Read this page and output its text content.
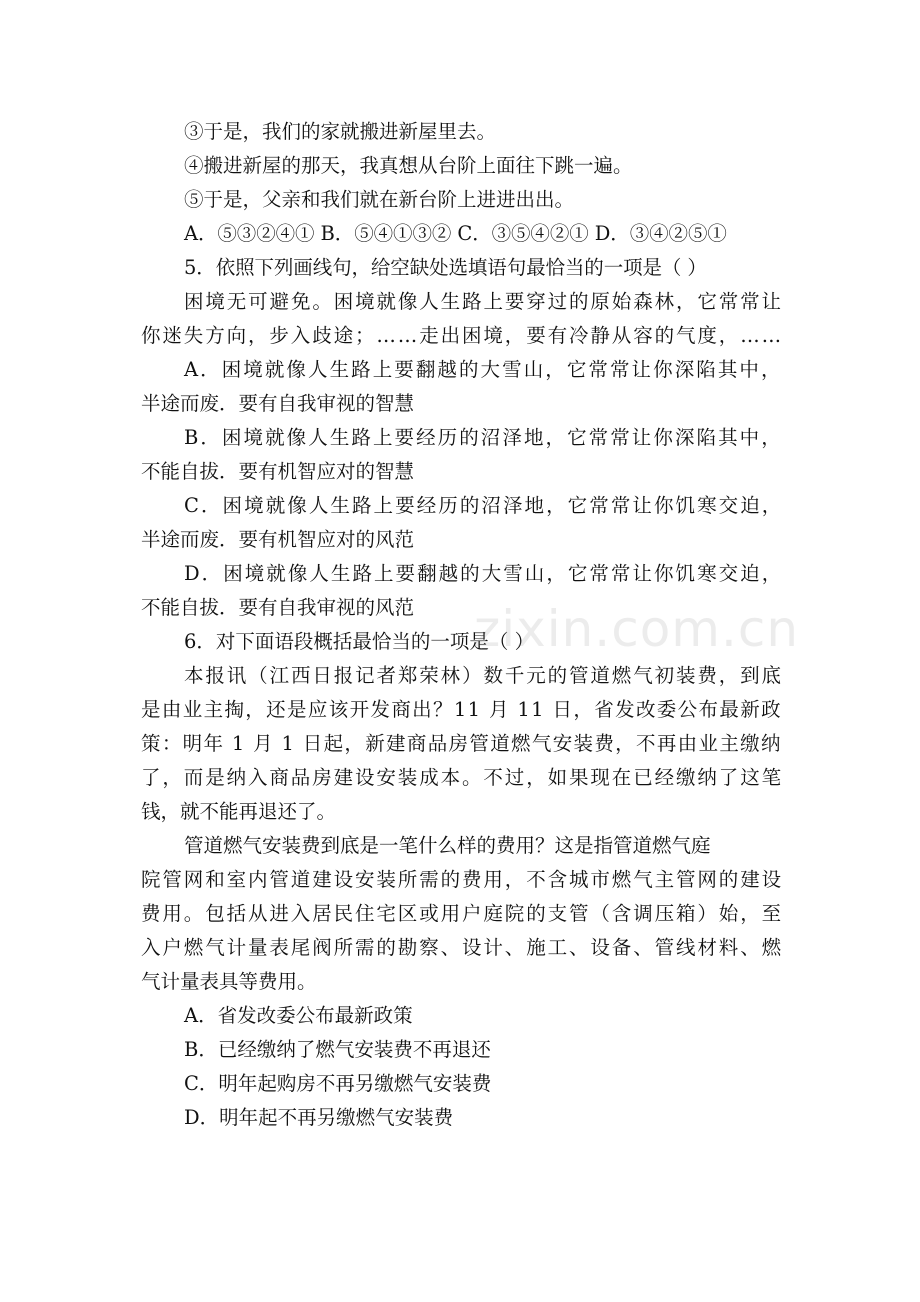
③于是，我们的家就搬进新屋里去。
④搬进新屋的那天，我真想从台阶上面往下跳一遍。
⑤于是，父亲和我们就在新台阶上进进出出。
A．⑤③②④① B．⑤④①③② C．③⑤④②① D．③④②⑤①
5．依照下列画线句，给空缺处选填语句最恰当的一项是（ ）
困境无可避免。困境就像人生路上要穿过的原始森林，它常常让
你迷失方向，步入歧途；……走出困境，要有冷静从容的气度，……
A．困境就像人生路上要翻越的大雪山，它常常让你深陷其中，
半途而废．要有自我审视的智慧
B．困境就像人生路上要经历的沼泽地，它常常让你深陷其中，
不能自拔．要有机智应对的智慧
C．困境就像人生路上要经历的沼泽地，它常常让你饥寒交迫，
半途而废．要有机智应对的风范
D．困境就像人生路上要翻越的大雪山，它常常让你饥寒交迫，
不能自拔．要有自我审视的风范
6．对下面语段概括最恰当的一项是（ ）
本报讯（江西日报记者郑荣林）数千元的管道燃气初装费，到底
是由业主掏，还是应该开发商出？11 月 11 日，省发改委公布最新政
策：明年 1 月 1 日起，新建商品房管道燃气安装费，不再由业主缴纳
了，而是纳入商品房建设安装成本。不过，如果现在已经缴纳了这笔
钱，就不能再退还了。
管道燃气安装费到底是一笔什么样的费用？这是指管道燃气庭
院管网和室内管道建设安装所需的费用，不含城市燃气主管网的建设
费用。包括从进入居民住宅区或用户庭院的支管（含调压箱）始，至
入户燃气计量表尾阀所需的勘察、设计、施工、设备、管线材料、燃
气计量表具等费用。
A．省发改委公布最新政策
B．已经缴纳了燃气安装费不再退还
C．明年起购房不再另缴燃气安装费
D．明年起不再另缴燃气安装费
zixin.com.cn
